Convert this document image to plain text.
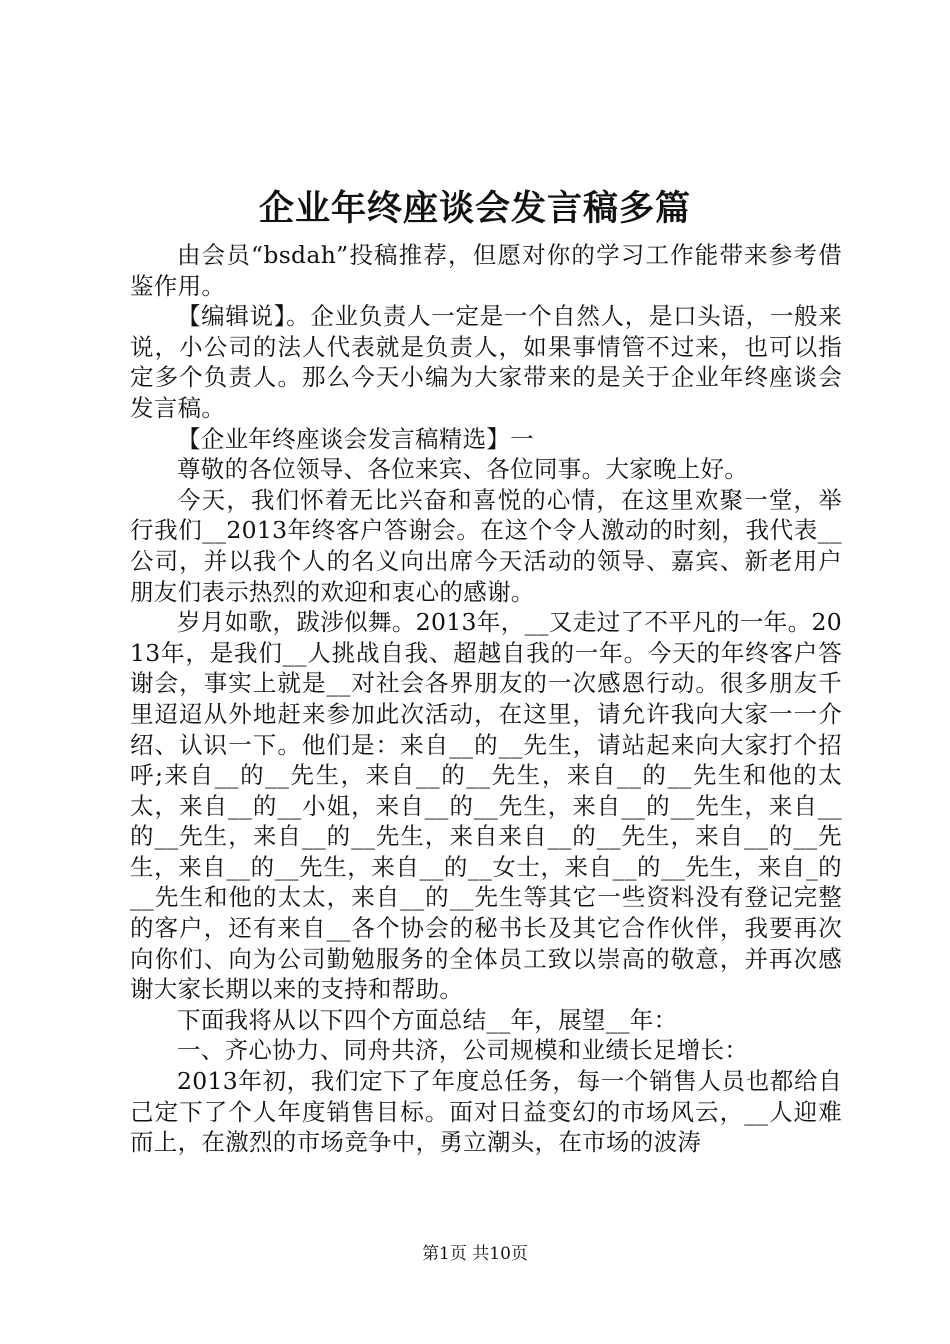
企业年终座谈会发言稿多篇

由会员“bsdah”投稿推荐，但愿对你的学习工作能带来参考借鉴作用。

【编辑说】。企业负责人一定是一个自然人，是口头语，一般来说，小公司的法人代表就是负责人，如果事情管不过来，也可以指定多个负责人。那么今天小编为大家带来的是关于企业年终座谈会发言稿。

【企业年终座谈会发言稿精选】一

尊敬的各位领导、各位来宾、各位同事。大家晚上好。

今天，我们怀着无比兴奋和喜悦的心情，在这里欢聚一堂，举行我们__2013年终客户答谢会。在这个令人激动的时刻，我代表__公司，并以我个人的名义向出席今天活动的领导、嘉宾、新老用户朋友们表示热烈的欢迎和衷心的感谢。

岁月如歌，跋涉似舞。2013年，__又走过了不平凡的一年。2013年，是我们__人挑战自我、超越自我的一年。今天的年终客户答谢会，事实上就是__对社会各界朋友的一次感恩行动。很多朋友千里迢迢从外地赶来参加此次活动，在这里，请允许我向大家一一介绍、认识一下。他们是：来自__的__先生，请站起来向大家打个招呼;来自__的__先生，来自__的__先生，来自__的__先生和他的太太，来自__的__小姐，来自__的__先生，来自__的__先生，来自__的__先生，来自__的__先生，来自来自__的__先生，来自__的__先生，来自__的__先生，来自__的__女士，来自__的__先生，来自_的__先生和他的太太，来自__的__先生等其它一些资料没有登记完整的客户，还有来自__各个协会的秘书长及其它合作伙伴，我要再次向你们、向为公司勤勉服务的全体员工致以崇高的敬意，并再次感谢大家长期以来的支持和帮助。

下面我将从以下四个方面总结__年，展望__年：

一、齐心协力、同舟共济，公司规模和业绩长足增长：

2013年初，我们定下了年度总任务，每一个销售人员也都给自己定下了个人年度销售目标。面对日益变幻的市场风云，__人迎难而上，在激烈的市场竞争中，勇立潮头，在市场的波涛

第1页 共10页
